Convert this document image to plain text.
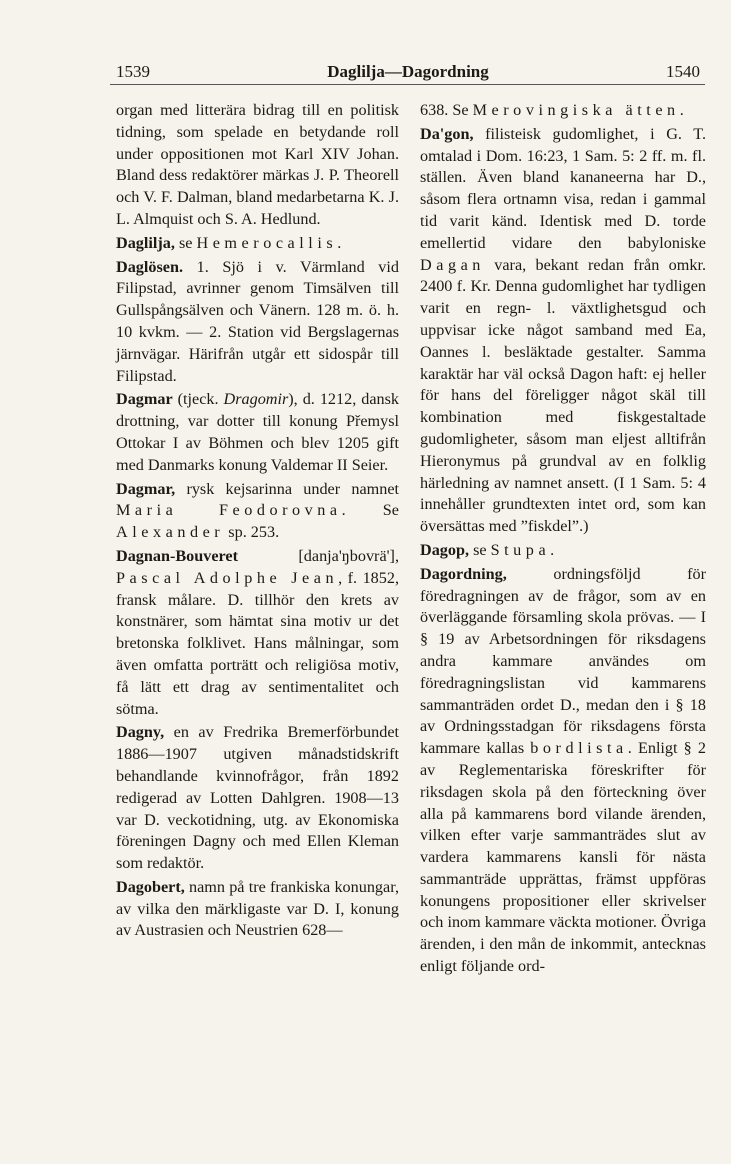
1539	Daglilja—Dagordning	1540

organ med litterära bidrag till en politisk tidning, som spelade en betydande roll under oppositionen mot Karl XIV Johan. Bland dess redaktörer märkas J. P. Theorell och V. F. Dalman, bland medarbetarna K. J. L. Almquist och S. A. Hedlund.

Daglilja, se Hemerocallis.

Daglösen. 1. Sjö i v. Värmland vid Filipstad, avrinner genom Timsälven till Gullspångsälven och Vänern. 128 m. ö. h. 10 kvkm. — 2. Station vid Bergslagernas järnvägar. Härifrån utgår ett sidospår till Filipstad.

Dagmar (tjeck. Dragomir), d. 1212, dansk drottning, var dotter till konung Přemysl Ottokar I av Böhmen och blev 1205 gift med Danmarks konung Valdemar II Seier.

Dagmar, rysk kejsarinna under namnet Maria Feodorovna. Se Alexander sp. 253.

Dagnan-Bouveret	[danja'ŋbovrä'], Pascal Adolphe Jean, f. 1852, fransk målare. D. tillhör den krets av konstnärer, som hämtat sina motiv ur det bretonska folklivet. Hans målningar, som även omfatta porträtt och religiösa motiv, få lätt ett drag av sentimentalitet och sötma.

Dagny, en av Fredrika Bremerförbundet 1886—1907 utgiven månadstidskrift behandlande kvinnofrågor, från 1892 redigerad av Lotten Dahlgren. 1908—13 var D. veckotidning, utg. av Ekonomiska föreningen Dagny och med Ellen Kleman som redaktör.

Dagobert, namn på tre frankiska konungar, av vilka den märkligaste var D. I, konung av Austrasien och Neustrien 628—

638. Se Merovingiska ätten.

Da'gon, filisteisk gudomlighet, i G. T. omtalad i Dom. 16:23, 1 Sam. 5: 2 ff. m. fl. ställen. Även bland kananeerna har D., såsom flera ortnamn visa, redan i gammal tid varit känd. Identisk med D. torde emellertid vidare den babyloniske Dagan vara, bekant redan från omkr. 2400 f. Kr. Denna gudomlighet har tydligen varit en regn- l. växtlighetsgud och uppvisar icke något samband med Ea, Oannes l. besläktade gestalter. Samma karaktär har väl också Dagon haft: ej heller för hans del föreligger något skäl till kombination med fiskgestaltade gudomligheter, såsom man eljest alltifrån Hieronymus på grundval av en folklig härledning av namnet ansett. (I 1 Sam. 5: 4 innehåller grundtexten intet ord, som kan översättas med ”fiskdel”.)

Dagop, se Stupa.

Dagordning,	ordningsföljd för föredragningen av de frågor, som av en överläggande församling skola prövas. — I § 19 av Arbetsordningen för riksdagens andra kammare användes om föredragningslistan vid kammarens sammanträden ordet D., medan den i § 18 av Ordningsstadgan för riksdagens första kammare kallas bordlista. Enligt § 2 av Reglementariska föreskrifter för riksdagen skola på den förteckning över alla på kammarens bord vilande ärenden, vilken efter varje sammanträdes slut av vardera kammarens kansli för nästa sammanträde upprättas, främst uppföras konungens propositioner eller skrivelser och inom kammare väckta motioner. Övriga ärenden, i den mån de inkommit, antecknas enligt följande ord-
